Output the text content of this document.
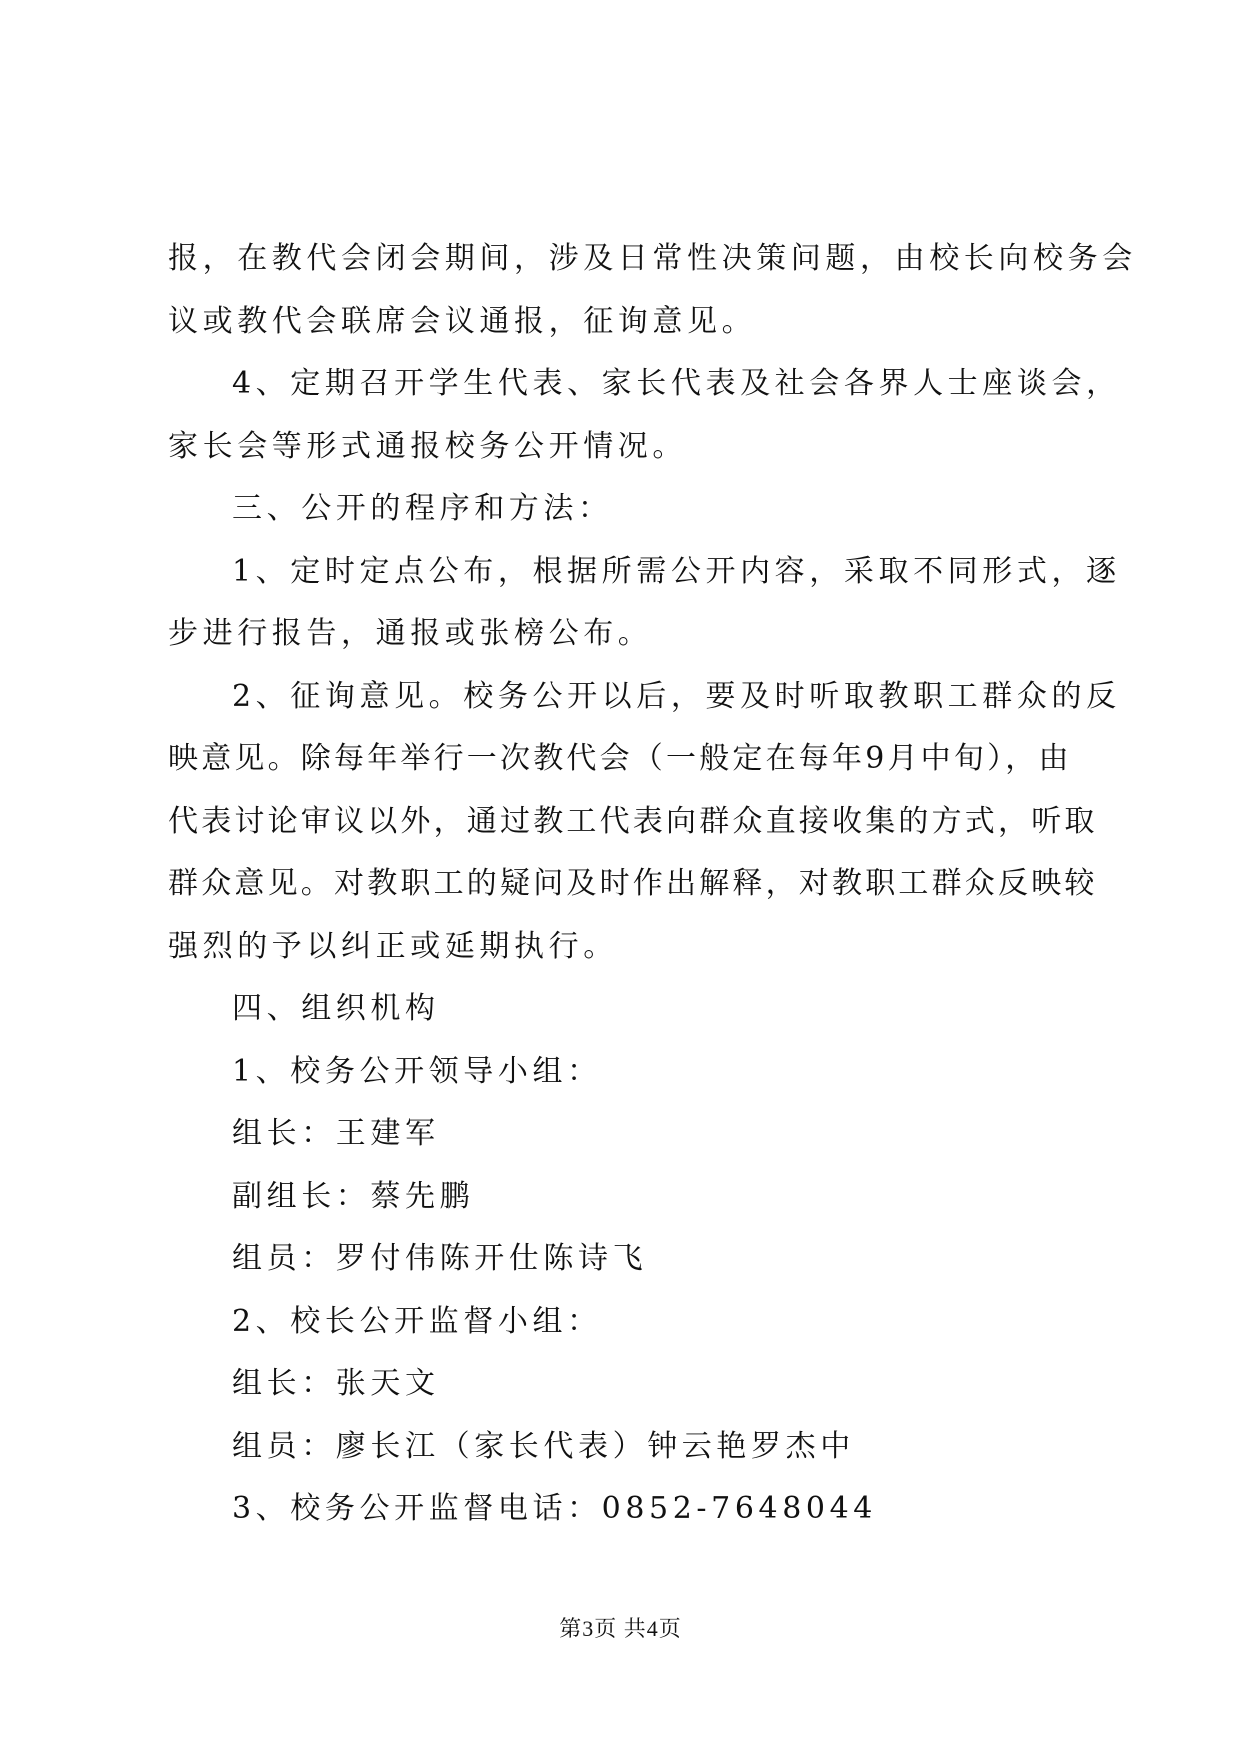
报，在教代会闭会期间，涉及日常性决策问题，由校长向校务会
议或教代会联席会议通报，征询意见。
4、定期召开学生代表、家长代表及社会各界人士座谈会，
家长会等形式通报校务公开情况。
三、公开的程序和方法：
1、定时定点公布，根据所需公开内容，采取不同形式，逐
步进行报告，通报或张榜公布。
2、征询意见。校务公开以后，要及时听取教职工群众的反
映意见。除每年举行一次教代会（一般定在每年9月中旬），由
代表讨论审议以外，通过教工代表向群众直接收集的方式，听取
群众意见。对教职工的疑问及时作出解释，对教职工群众反映较
强烈的予以纠正或延期执行。
四、组织机构
1、校务公开领导小组：
组长：王建军
副组长：蔡先鹏
组员：罗付伟陈开仕陈诗飞
2、校长公开监督小组：
组长：张天文
组员：廖长江（家长代表）钟云艳罗杰中
3、校务公开监督电话：0852-7648044
第3页 共4页
